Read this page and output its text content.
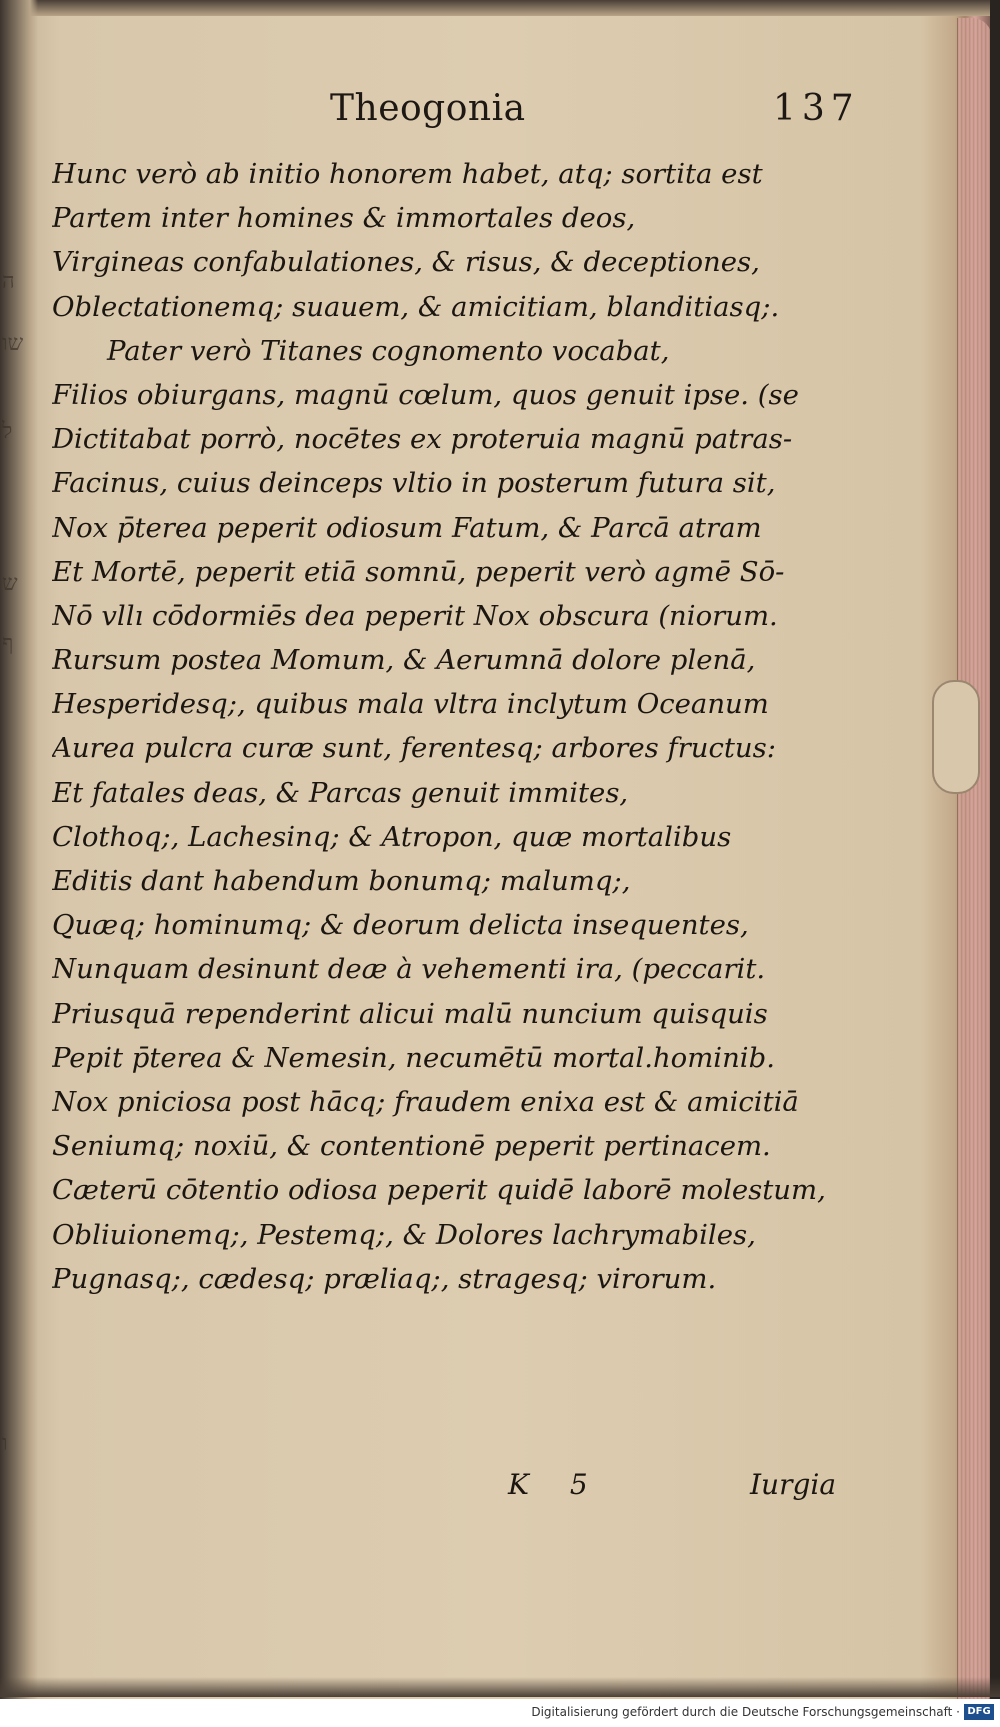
ה
שו
ל
ש
ף
ו
Theogonia	137
Hunc verò ab initio honorem habet, atq; sortita est
Partem inter homines & immortales deos,
Virgineas confabulationes, & risus, & deceptiones,
Oblectationemq; suauem, & amicitiam, blanditiasq;.
Pater verò Titanes cognomento vocabat,
Filios obiurgans, magnū cœlum, quos genuit ipse. (se
Dictitabat porrò, nocētes ex proteruia magnū patras-
Facinus, cuius deinceps vltio in posterum futura sit,
Nox p̄terea peperit odiosum Fatum, & Parcā atram
Et Mortē, peperit etiā somnū, peperit verò agmē Sō-
Nō vllı cōdormiēs dea peperit Nox obscura (niorum.
Rursum postea Momum, & Aerumnā dolore plenā,
Hesperidesq;, quibus mala vltra inclytum Oceanum
Aurea pulcra curæ sunt, ferentesq; arbores fructus:
Et fatales deas, & Parcas genuit immites,
Clothoq;, Lachesinq; & Atropon, quæ mortalibus
Editis dant habendum bonumq; malumq;,
Quæq; hominumq; & deorum delicta insequentes,
Nunquam desinunt deæ à vehementi ira, (peccarit.
Priusquā rependerint alicui malū nuncium quisquis
Pepit p̄terea & Nemesin, necumētū mortal.hominib.
Nox pniciosa post hācq; fraudem enixa est & amicitiā
Seniumq; noxiū, & contentionē peperit pertinacem.
Cæterū cōtentio odiosa peperit quidē laborē molestum,
Obliuionemq;, Pestemq;, & Dolores lachrymabiles,
Pugnasq;, cædesq; præliaq;, stragesq; virorum.
K 5	Iurgia
Digitalisierung gefördert durch die Deutsche Forschungsgemeinschaft · DFG
